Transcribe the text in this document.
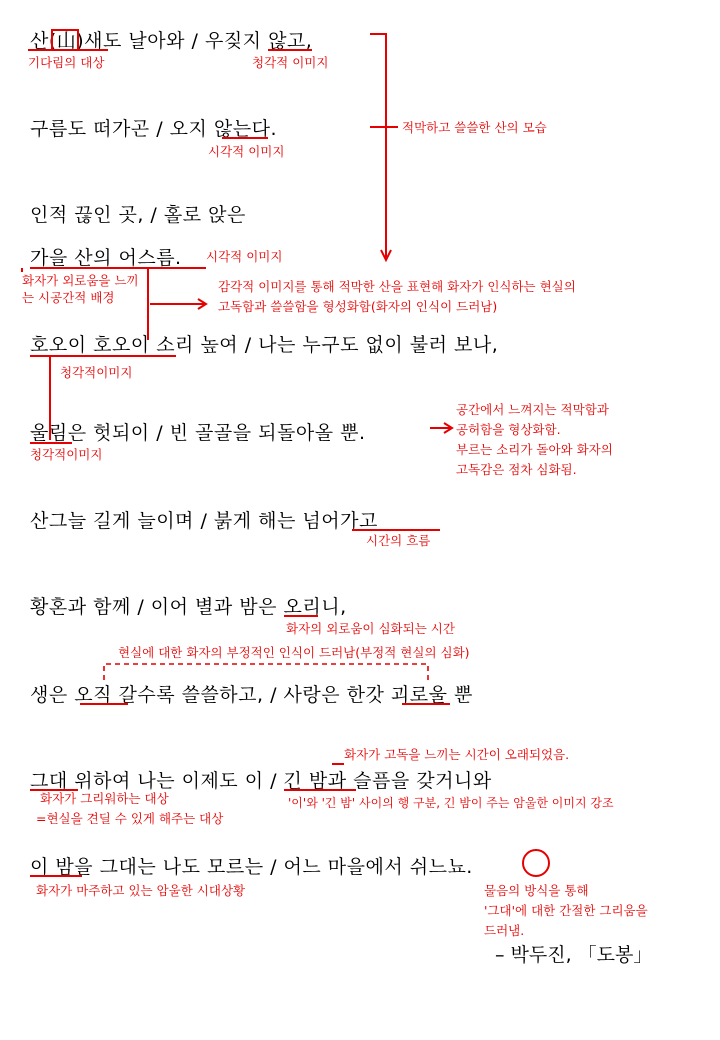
산(山)새도 날아와 / 우짖지 않고,
구름도 떠가곤 / 오지 않는다.
인적 끊인 곳, / 홀로 앉은
가을 산의 어스름.
호오이 호오이 소리 높여 / 나는 누구도 없이 불러 보나,
울림은 헛되이 / 빈 골골을 되돌아올 뿐.
산그늘 길게 늘이며 / 붉게 해는 넘어가고
황혼과 함께 / 이어 별과 밤은 오리니,
생은 오직 갈수록 쓸쓸하고, / 사랑은 한갓 괴로울 뿐
그대 위하여 나는 이제도 이 / 긴 밤과 슬픔을 갖거니와
이 밤을 그대는 나도 모르는 / 어느 마을에서 쉬느뇨.
– 박두진, 「도봉」
기다림의 대상	청각적 이미지
적막하고 쓸쓸한 산의 모습
시각적 이미지
시각적 이미지
화자가 외로움을 느끼는 시공간적 배경
감각적 이미지를 통해 적막한 산을 표현해 화자가 인식하는 현실의
고독함과 쓸쓸함을 형성화함(화자의 인식이 드러남)
청각적이미지
청각적이미지
공간에서 느껴지는 적막함과
공허함을 형상화함.
부르는 소리가 돌아와 화자의
고독감은 점차 심화됨.
시간의 흐름
화자의 외로움이 심화되는 시간
현실에 대한 화자의 부정적인 인식이 드러남(부정적 현실의 심화)
화자가 고독을 느끼는 시간이 오래되었음.
화자가 그리워하는 대상
=현실을 견딜 수 있게 해주는 대상
'이'와 '긴 밤' 사이의 행 구분, 긴 밤이 주는 암울한 이미지 강조
화자가 마주하고 있는 암울한 시대상황	물음의 방식을 통해
'그대'에 대한 간절한 그리움을
드러냄.
